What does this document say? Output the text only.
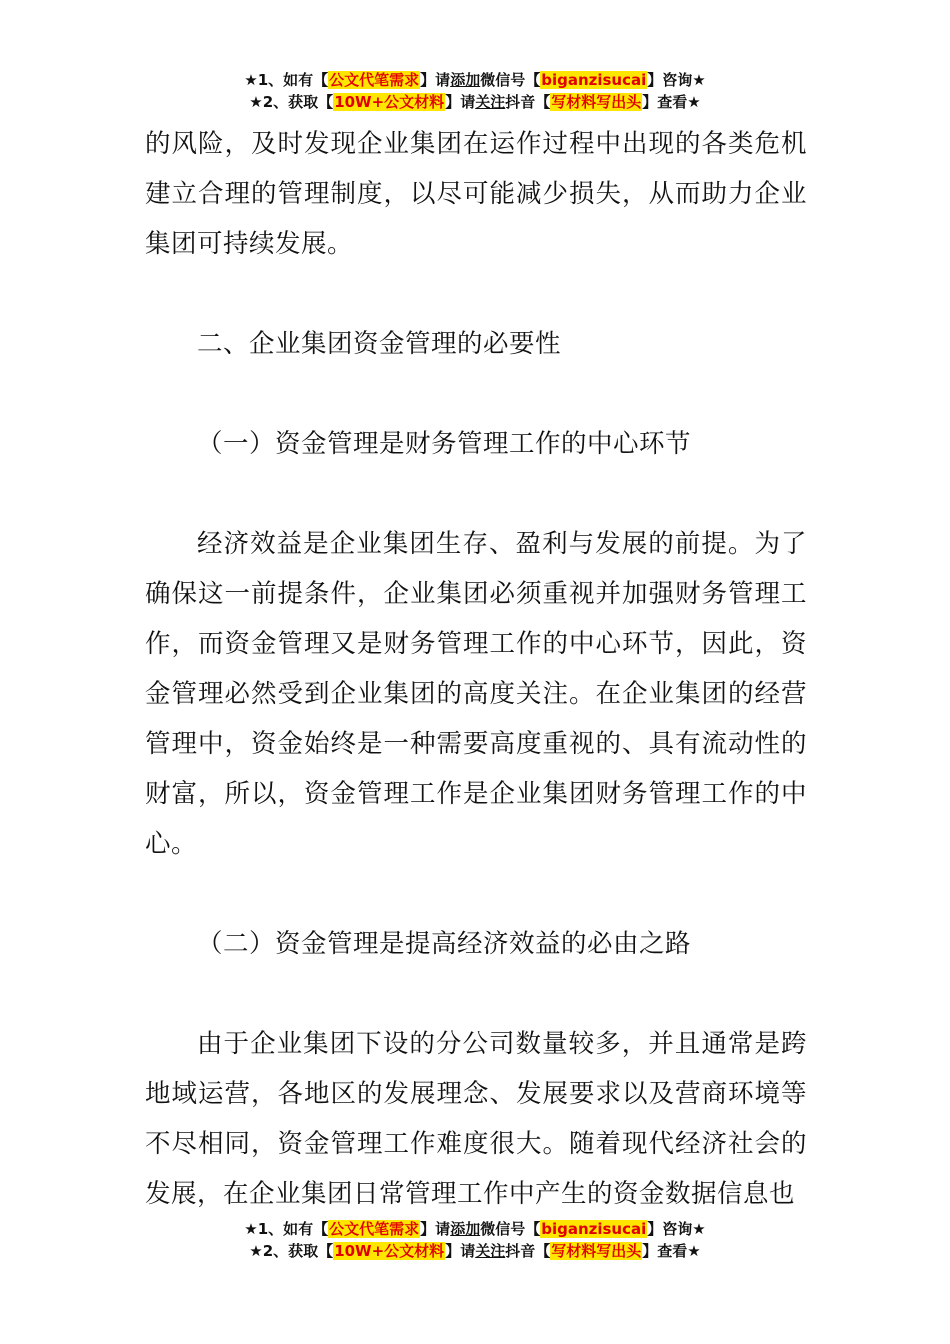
★1、如有【公文代笔需求】请添加微信号【biganzisucai】咨询★
★2、获取【10W+公文材料】请关注抖音【写材料写出头】查看★

的风险，及时发现企业集团在运作过程中出现的各类危机建立合理的管理制度，以尽可能减少损失，从而助力企业集团可持续发展。

二、企业集团资金管理的必要性

（一）资金管理是财务管理工作的中心环节

经济效益是企业集团生存、盈利与发展的前提。为了确保这一前提条件，企业集团必须重视并加强财务管理工作，而资金管理又是财务管理工作的中心环节，因此，资金管理必然受到企业集团的高度关注。在企业集团的经营管理中，资金始终是一种需要高度重视的、具有流动性的财富，所以，资金管理工作是企业集团财务管理工作的中心。

（二）资金管理是提高经济效益的必由之路

由于企业集团下设的分公司数量较多，并且通常是跨地域运营，各地区的发展理念、发展要求以及营商环境等不尽相同，资金管理工作难度很大。随着现代经济社会的发展，在企业集团日常管理工作中产生的资金数据信息也

★1、如有【公文代笔需求】请添加微信号【biganzisucai】咨询★
★2、获取【10W+公文材料】请关注抖音【写材料写出头】查看★
